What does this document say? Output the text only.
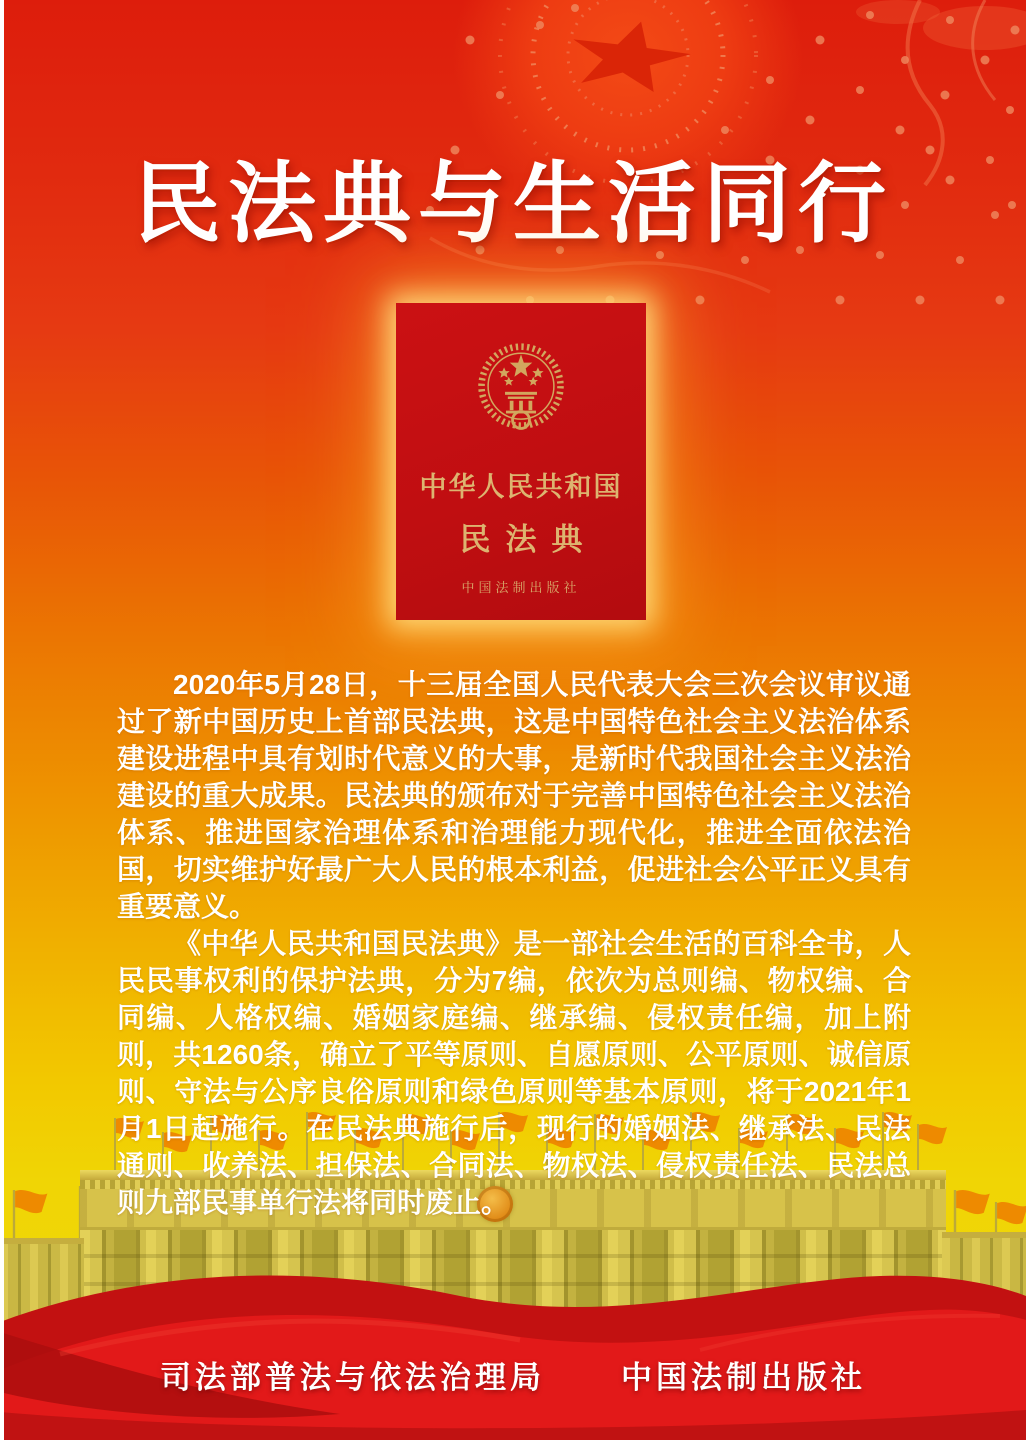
民法典与生活同行
中华人民共和国
民法典
中国法制出版社

2020年5月28日，十三届全国人民代表大会三次会议审议通过了新中国历史上首部民法典，这是中国特色社会主义法治体系建设进程中具有划时代意义的大事，是新时代我国社会主义法治建设的重大成果。民法典的颁布对于完善中国特色社会主义法治体系、推进国家治理体系和治理能力现代化，推进全面依法治国，切实维护好最广大人民的根本利益，促进社会公平正义具有重要意义。

《中华人民共和国民法典》是一部社会生活的百科全书，人民民事权利的保护法典，分为7编，依次为总则编、物权编、合同编、人格权编、婚姻家庭编、继承编、侵权责任编，加上附则，共1260条，确立了平等原则、自愿原则、公平原则、诚信原则、守法与公序良俗原则和绿色原则等基本原则，将于2021年1月1日起施行。在民法典施行后，现行的婚姻法、继承法、民法通则、收养法、担保法、合同法、物权法、侵权责任法、民法总则九部民事单行法将同时废止。

司法部普法与依法治理局 中国法制出版社
